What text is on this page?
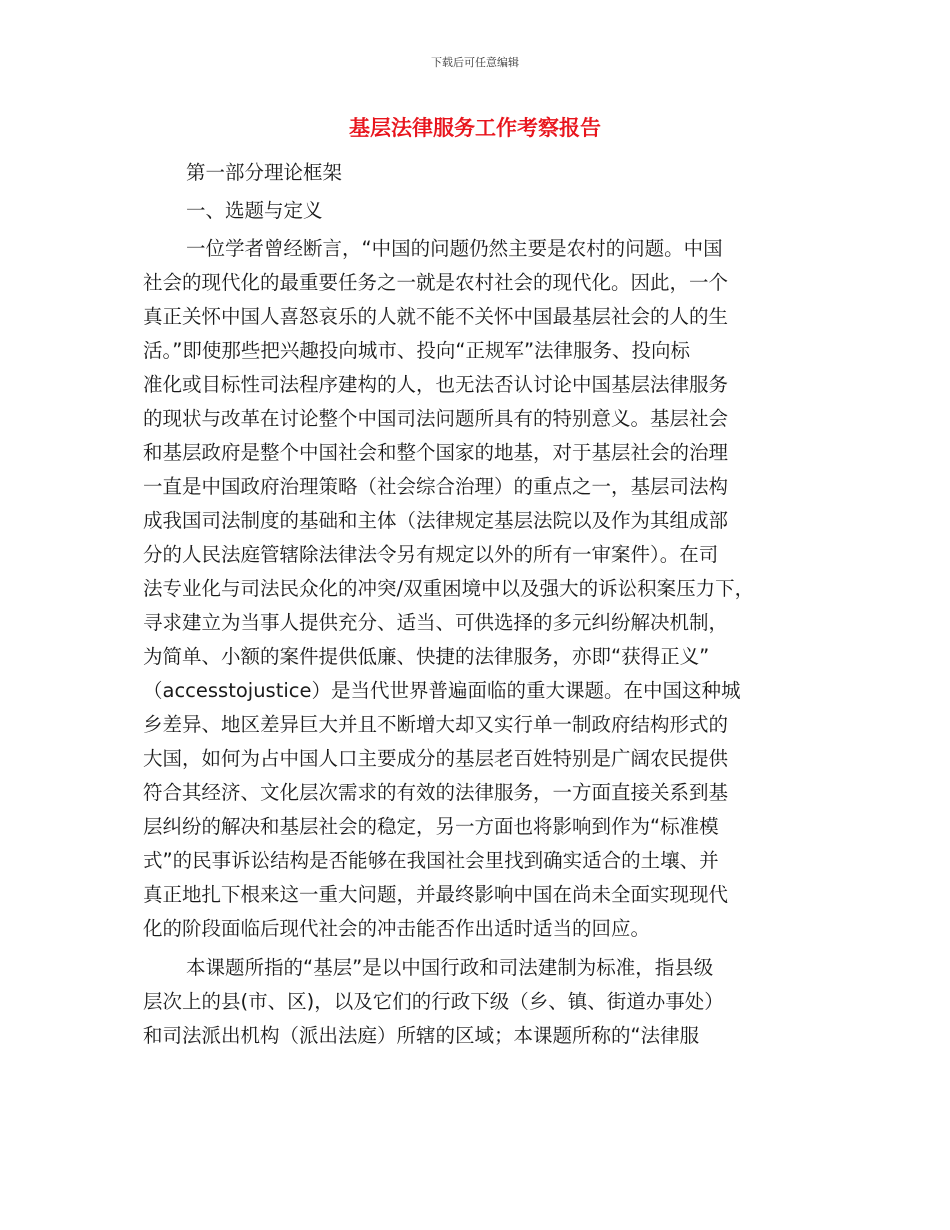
下载后可任意编辑
基层法律服务工作考察报告
第一部分理论框架
一、选题与定义
一位学者曾经断言，“中国的问题仍然主要是农村的问题。中国
社会的现代化的最重要任务之一就是农村社会的现代化。因此，一个
真正关怀中国人喜怒哀乐的人就不能不关怀中国最基层社会的人的生
活。”即使那些把兴趣投向城市、投向“正规军”法律服务、投向标
准化或目标性司法程序建构的人，也无法否认讨论中国基层法律服务
的现状与改革在讨论整个中国司法问题所具有的特别意义。基层社会
和基层政府是整个中国社会和整个国家的地基，对于基层社会的治理
一直是中国政府治理策略（社会综合治理）的重点之一，基层司法构
成我国司法制度的基础和主体（法律规定基层法院以及作为其组成部
分的人民法庭管辖除法律法令另有规定以外的所有一审案件）。在司
法专业化与司法民众化的冲突/双重困境中以及强大的诉讼积案压力下，
寻求建立为当事人提供充分、适当、可供选择的多元纠纷解决机制，
为简单、小额的案件提供低廉、快捷的法律服务，亦即“获得正义”
（accesstojustice）是当代世界普遍面临的重大课题。在中国这种城
乡差异、地区差异巨大并且不断增大却又实行单一制政府结构形式的
大国，如何为占中国人口主要成分的基层老百姓特别是广阔农民提供
符合其经济、文化层次需求的有效的法律服务，一方面直接关系到基
层纠纷的解决和基层社会的稳定，另一方面也将影响到作为“标准模
式”的民事诉讼结构是否能够在我国社会里找到确实适合的土壤、并
真正地扎下根来这一重大问题，并最终影响中国在尚未全面实现现代
化的阶段面临后现代社会的冲击能否作出适时适当的回应。
本课题所指的“基层”是以中国行政和司法建制为标准，指县级
层次上的县(市、区)，以及它们的行政下级（乡、镇、街道办事处）
和司法派出机构（派出法庭）所辖的区域；本课题所称的“法律服
